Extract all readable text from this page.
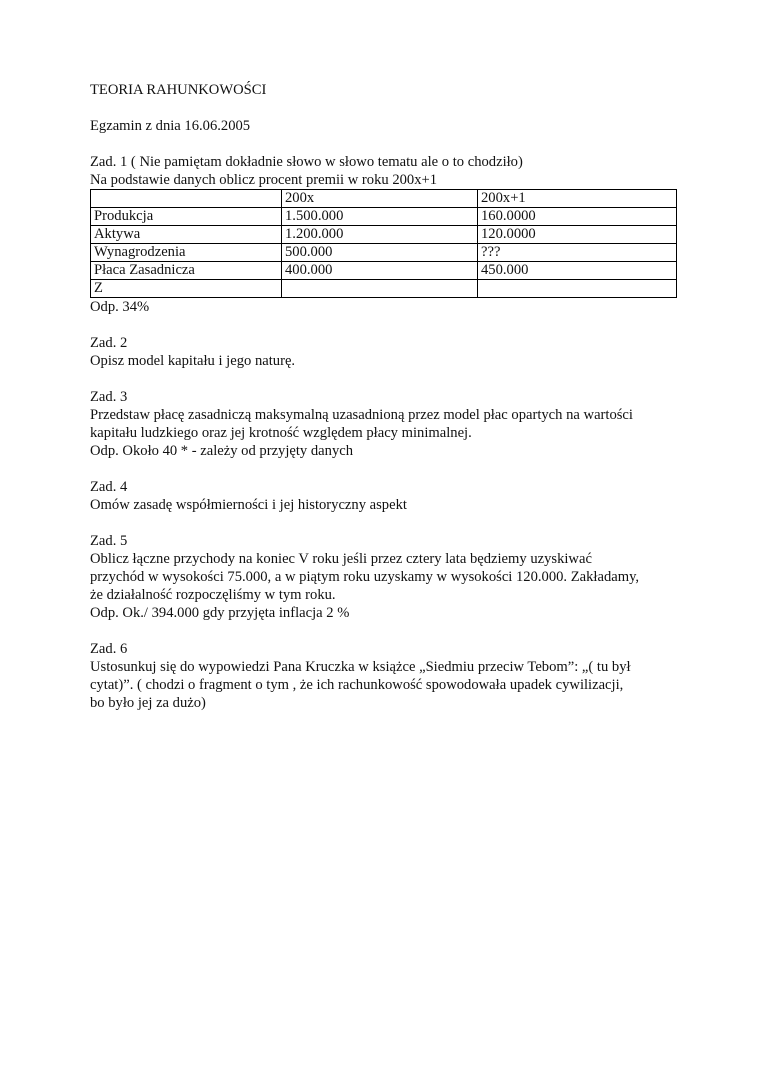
TEORIA RAHUNKOWOŚCI

Egzamin z dnia 16.06.2005

Zad. 1 ( Nie pamiętam dokładnie słowo w słowo tematu ale o to chodziło)

Na podstawie danych oblicz procent premii w roku 200x+1

	200x	200x+1
Produkcja	1.500.000	160.0000
Aktywa	1.200.000	120.0000
Wynagrodzenia	500.000	???
Płaca Zasadnicza	400.000	450.000
Z		

Odp. 34%

Zad. 2

Opisz model kapitału i jego naturę.

Zad. 3

Przedstaw płacę zasadniczą maksymalną uzasadnioną przez model płac opartych na wartości

kapitału ludzkiego oraz jej krotność względem płacy minimalnej.

Odp. Około 40 * - zależy od przyjęty danych

Zad. 4

Omów zasadę współmierności i jej historyczny aspekt

Zad. 5

Oblicz łączne przychody na koniec V roku jeśli przez cztery lata będziemy uzyskiwać

przychód w wysokości 75.000, a w piątym roku uzyskamy w wysokości 120.000. Zakładamy,

że działalność rozpoczęliśmy w tym roku.

Odp. Ok./ 394.000 gdy przyjęta inflacja 2 %

Zad. 6

Ustosunkuj się do wypowiedzi Pana Kruczka w książce „Siedmiu przeciw Tebom”: „( tu był

cytat)”. ( chodzi o fragment o tym , że ich rachunkowość spowodowała upadek cywilizacji,

bo było jej za dużo)
